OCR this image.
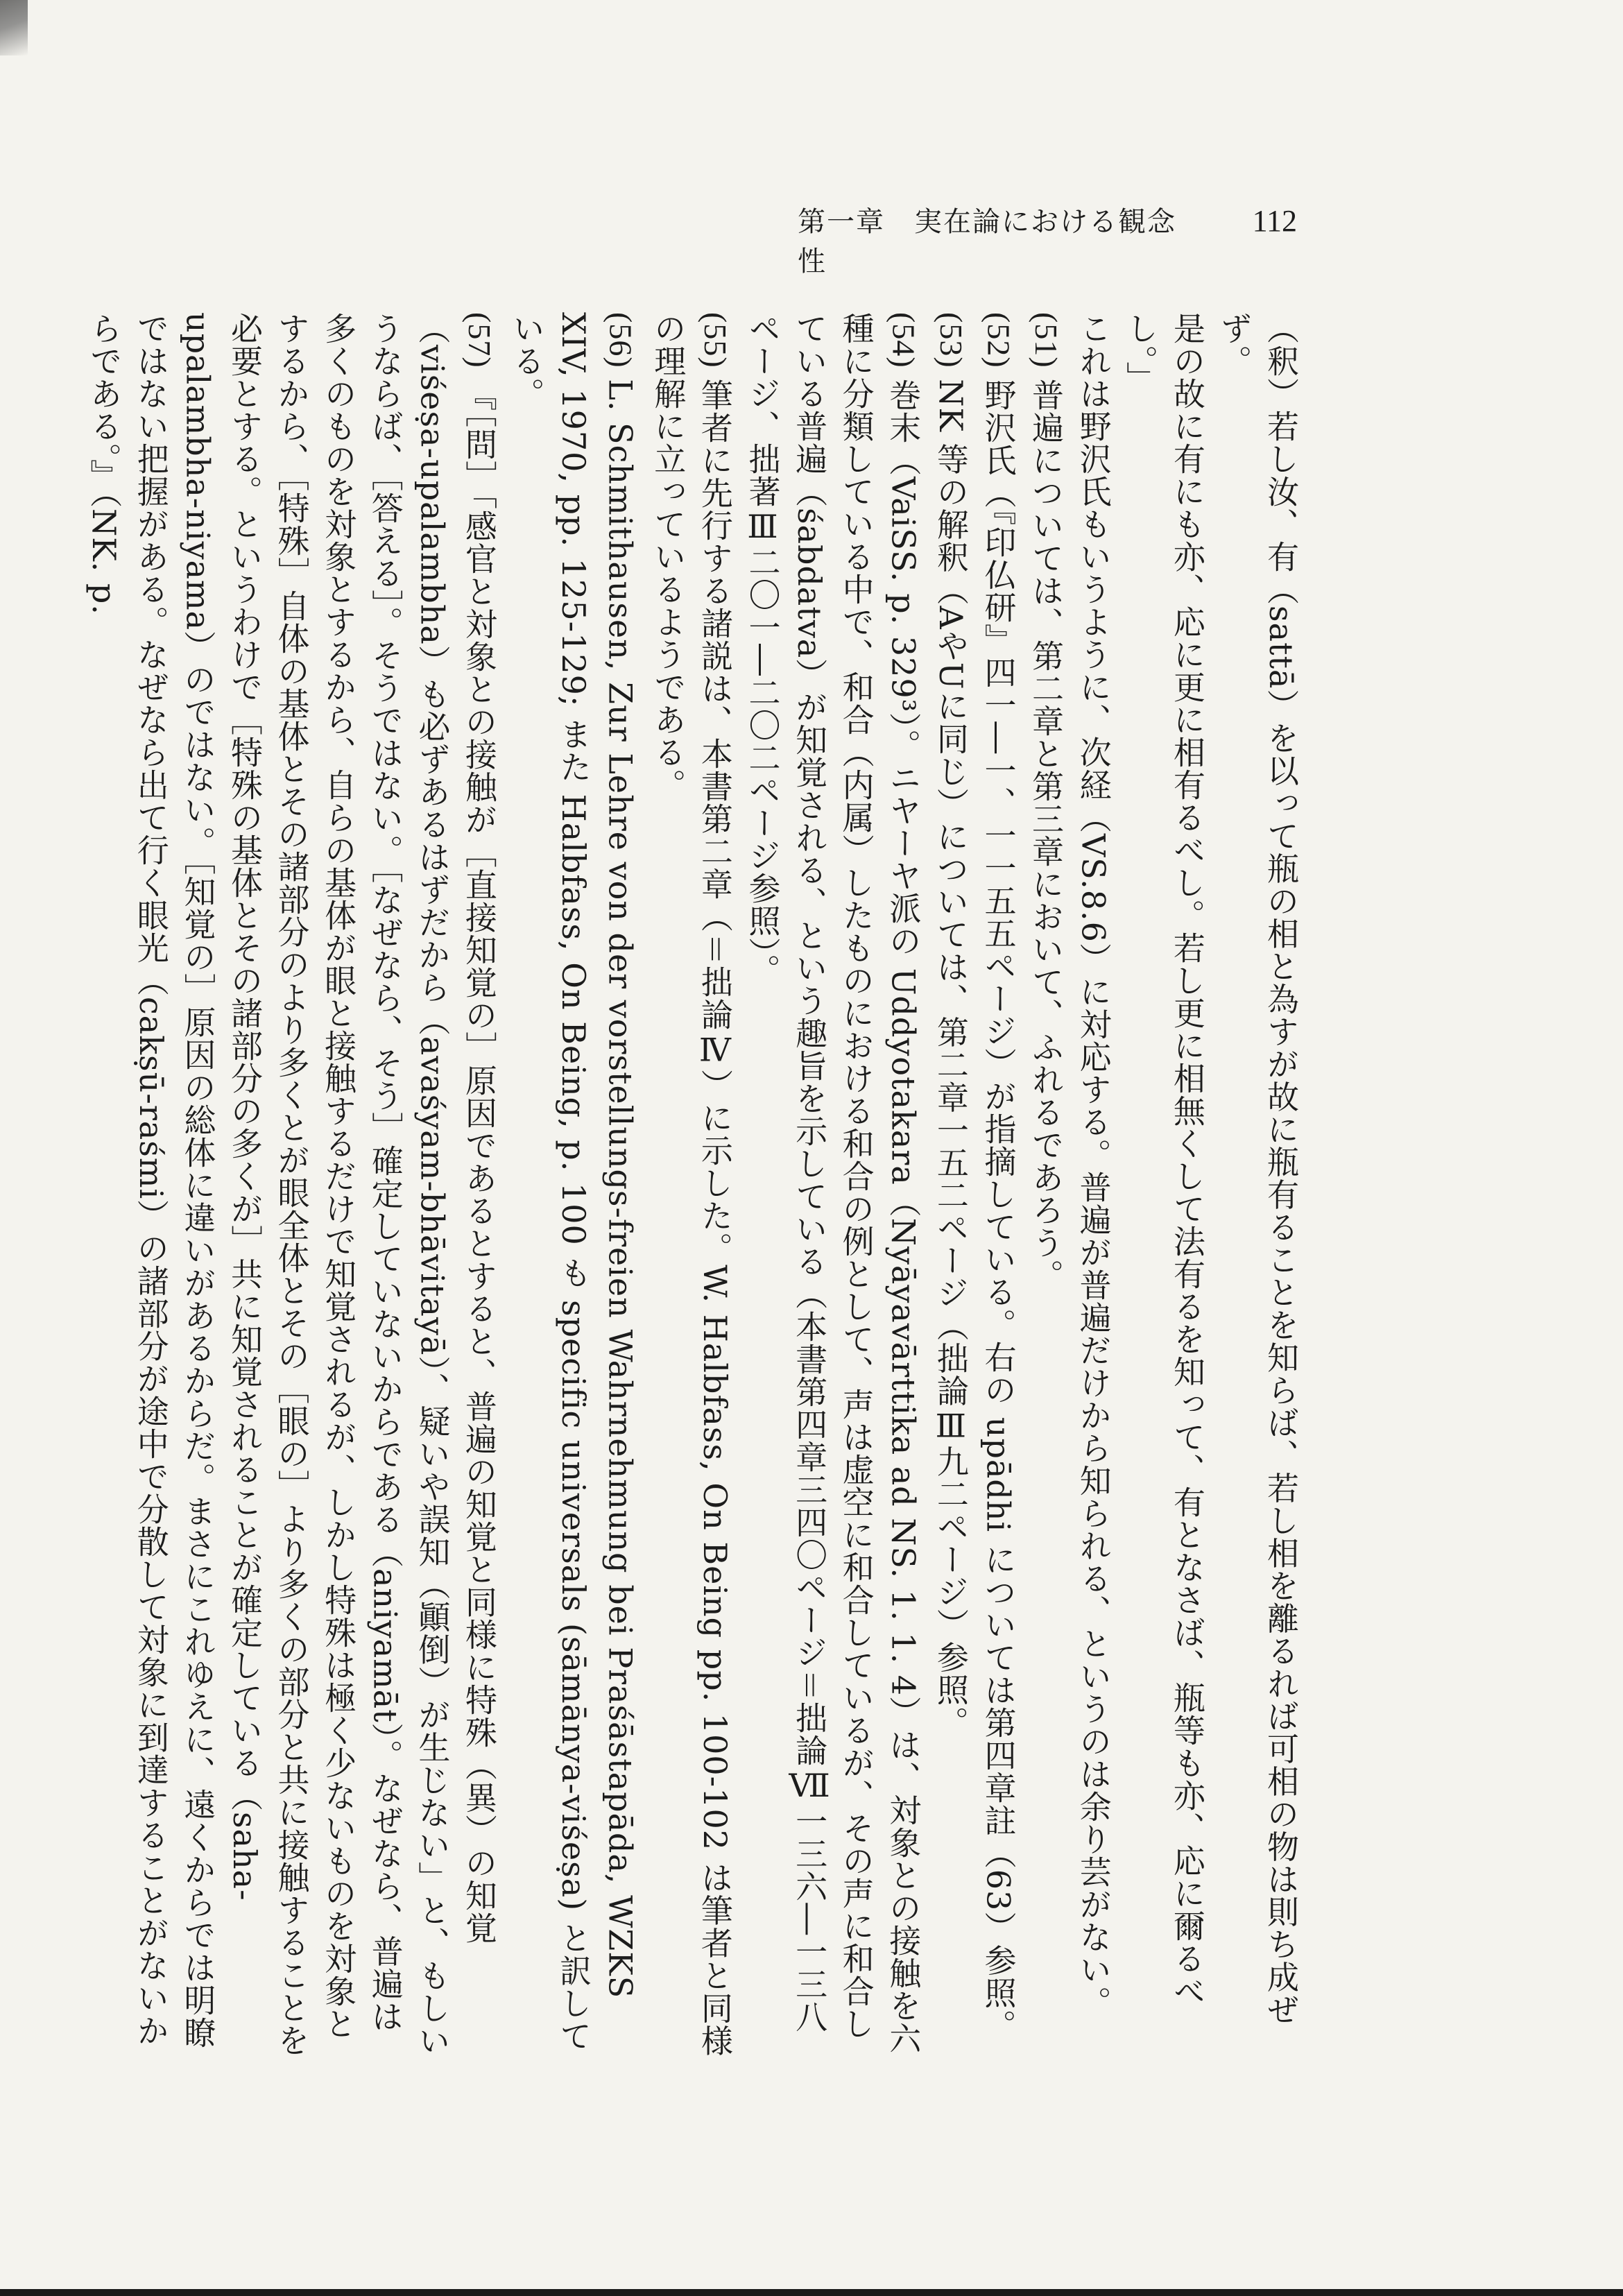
第一章　実在論における観念性
112
（釈）若し汝、有（sattā）を以って瓶の相と為すが故に瓶有ることを知らば、若し相を離るれば可相の物は則ち成ぜず。
是の故に有にも亦、応に更に相有るべし。若し更に相無くして法有るを知って、有となさば、瓶等も亦、応に爾るべし。」
これは野沢氏もいうように、次経（VS.8.6）に対応する。普遍が普遍だけから知られる、というのは余り芸がない。
(51) 普遍については、第二章と第三章において、ふれるであろう。
(52) 野沢氏（『印仏研』四一―一、一一五五ページ）が指摘している。右の upādhi については第四章註（63）参照。
(53) NK 等の解釈（AやUに同じ）については、第二章一五二ページ（拙論Ⅲ九二ページ）参照。
(54) 巻末（VaiSS. p. 329³）。ニヤーヤ派の Uddyotakara（Nyāyavārttika ad NS. 1. 1. 4）は、対象との接触を六種に分類している中で、和合（内属）したものにおける和合の例として、声は虚空に和合しているが、その声に和合している普遍（śabdatva）が知覚される、という趣旨を示している（本書第四章三四〇ページ＝拙論Ⅶ一三六―一三八ページ、拙著Ⅲ二〇一―二〇二ページ参照）。
(55) 筆者に先行する諸説は、本書第二章（＝拙論Ⅳ）に示した。W. Halbfass, On Being pp. 100-102 は筆者と同様の理解に立っているようである。
(56) L. Schmithausen, Zur Lehre von der vorstellungs-freien Wahrnehmung bei Praśāstapāda, WZKS XIV, 1970, pp. 125-129; また Halbfass, On Being, p. 100 も specific universals (sāmānya-viśeṣa) と訳している。
(57) 『［問］「感官と対象との接触が［直接知覚の］原因であるとすると、普遍の知覚と同様に特殊（異）の知覚（viśeṣa-upalambha）も必ずあるはずだから（avaśyam-bhāvitayā）、疑いや誤知（顚倒）が生じない」と、もしいうならば、［答える］。そうではない。［なぜなら、そう］確定していないからである（aniyamāt）。なぜなら、普遍は多くのものを対象とするから、自らの基体が眼と接触するだけで知覚されるが、しかし特殊は極く少ないものを対象とするから、［特殊］自体の基体とその諸部分のより多くとが眼全体とその［眼の］より多くの部分と共に接触することを必要とする。というわけで［特殊の基体とその諸部分の多くが］共に知覚されることが確定している（saha-upalambha-niyama）のではない。［知覚の］原因の総体に違いがあるからだ。まさにこれゆえに、遠くからでは明瞭ではない把握がある。なぜなら出て行く眼光（cakṣū-raśmi）の諸部分が途中で分散して対象に到達することがないからである。』（NK. p.
